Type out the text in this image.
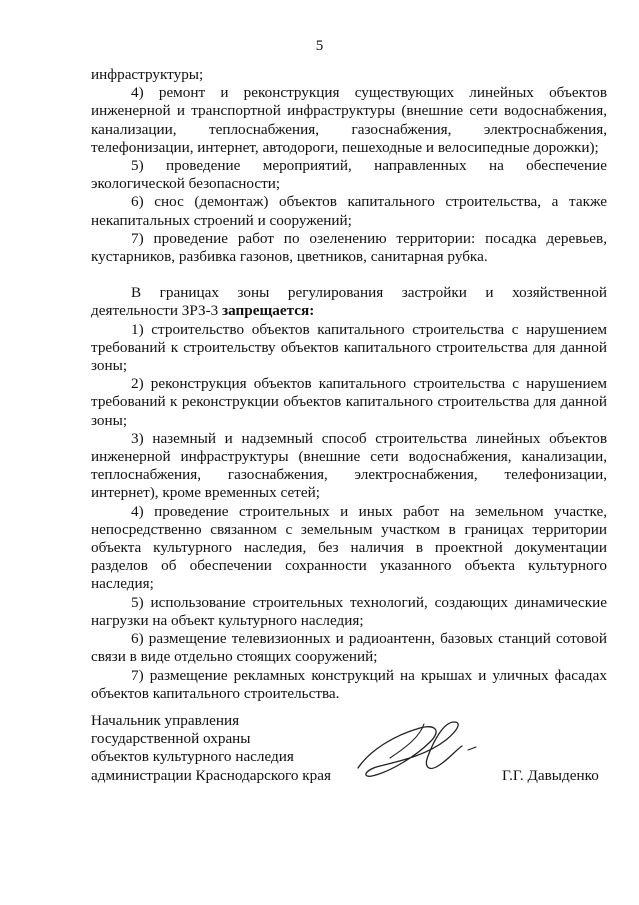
5

инфраструктуры;

4) ремонт и реконструкция существующих линейных объектов инженерной и транспортной инфраструктуры (внешние сети водоснабжения, канализации, теплоснабжения, газоснабжения, электроснабжения, телефонизации, интернет, автодороги, пешеходные и велосипедные дорожки);

5) проведение мероприятий, направленных на обеспечение экологической безопасности;

6) снос (демонтаж) объектов капитального строительства, а также некапитальных строений и сооружений;

7) проведение работ по озеленению территории: посадка деревьев, кустарников, разбивка газонов, цветников, санитарная рубка.

В границах зоны регулирования застройки и хозяйственной деятельности ЗРЗ-3 запрещается:

1) строительство объектов капитального строительства с нарушением требований к строительству объектов капитального строительства для данной зоны;

2) реконструкция объектов капитального строительства с нарушением требований к реконструкции объектов капитального строительства для данной зоны;

3) наземный и надземный способ строительства линейных объектов инженерной инфраструктуры (внешние сети водоснабжения, канализации, теплоснабжения, газоснабжения, электроснабжения, телефонизации, интернет), кроме временных сетей;

4) проведение строительных и иных работ на земельном участке, непосредственно связанном с земельным участком в границах территории объекта культурного наследия, без наличия в проектной документации разделов об обеспечении сохранности указанного объекта культурного наследия;

5) использование строительных технологий, создающих динамические нагрузки на объект культурного наследия;

6) размещение телевизионных и радиоантенн, базовых станций сотовой связи в виде отдельно стоящих сооружений;

7) размещение рекламных конструкций на крышах и уличных фасадах объектов капитального строительства.

Начальник управления
государственной охраны
объектов культурного наследия
администрации Краснодарского края	Г.Г. Давыденко
